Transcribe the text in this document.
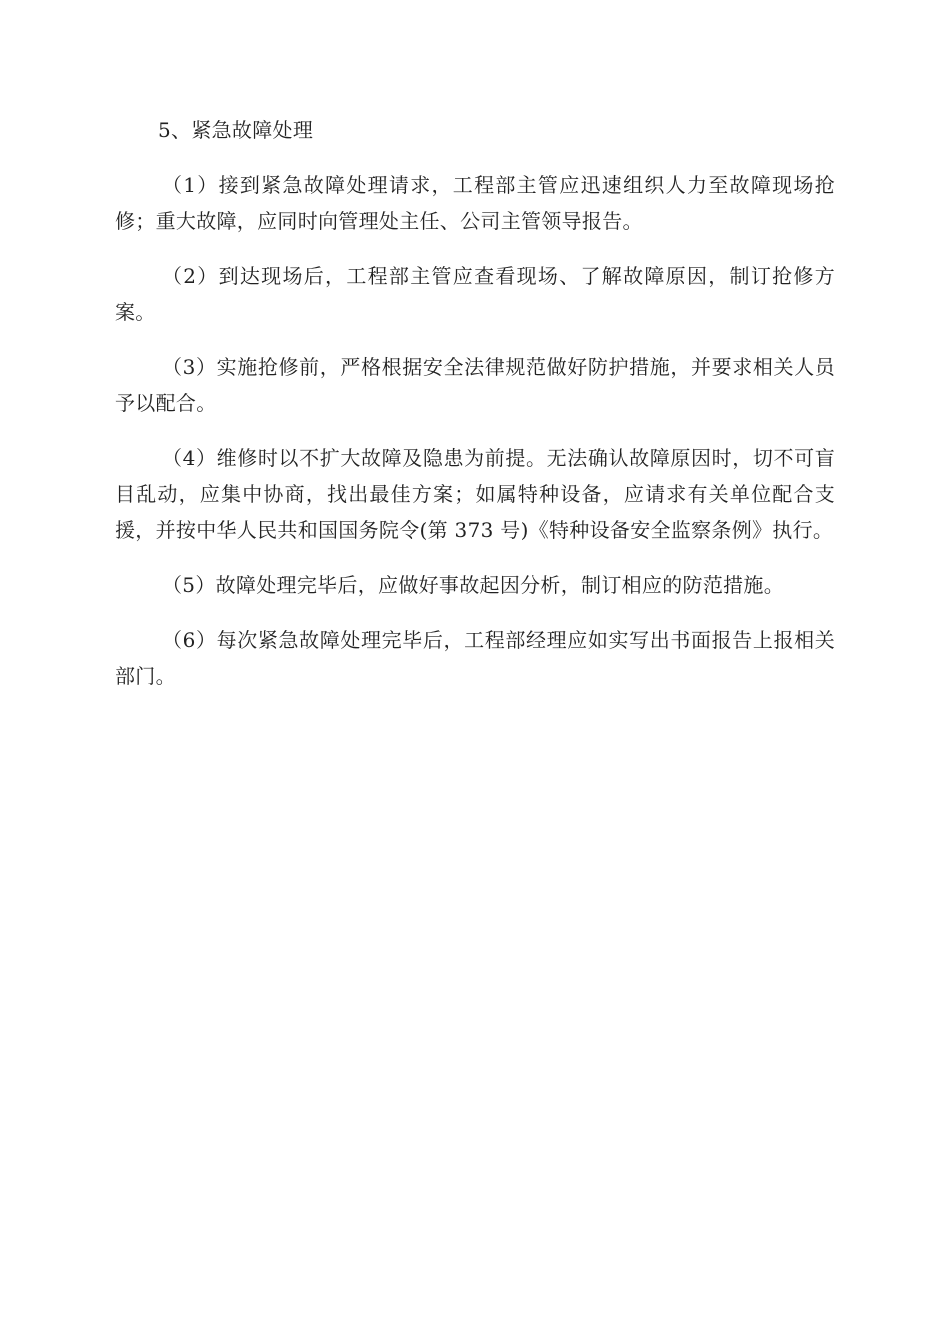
5、紧急故障处理

（1）接到紧急故障处理请求，工程部主管应迅速组织人力至故障现场抢修；重大故障，应同时向管理处主任、公司主管领导报告。

（2）到达现场后，工程部主管应查看现场、了解故障原因，制订抢修方案。

（3）实施抢修前，严格根据安全法律规范做好防护措施，并要求相关人员予以配合。

（4）维修时以不扩大故障及隐患为前提。无法确认故障原因时，切不可盲目乱动，应集中协商，找出最佳方案；如属特种设备，应请求有关单位配合支援，并按中华人民共和国国务院令(第 373 号)《特种设备安全监察条例》执行。

（5）故障处理完毕后，应做好事故起因分析，制订相应的防范措施。

（6）每次紧急故障处理完毕后，工程部经理应如实写出书面报告上报相关部门。
